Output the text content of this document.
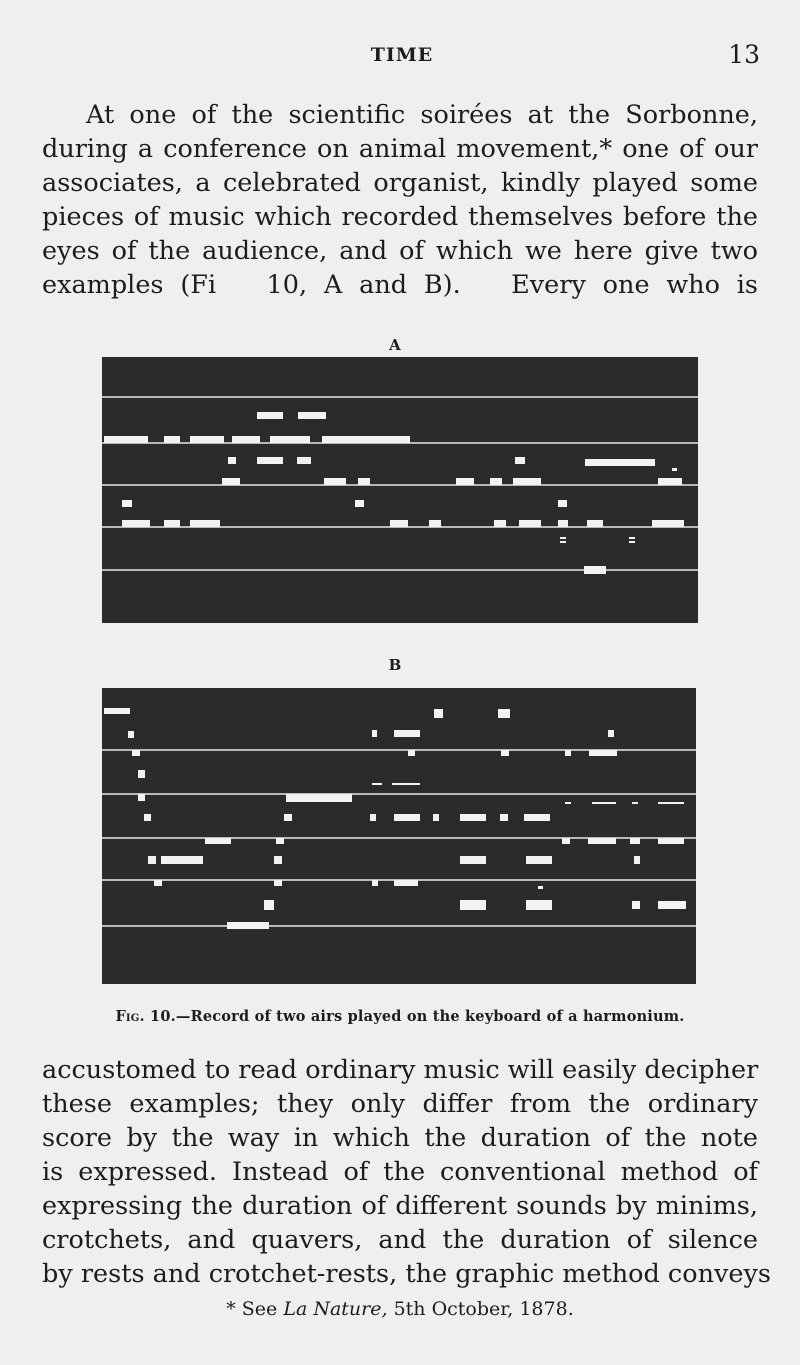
TIME	13
At one of the scientific soirées at the Sorbonne,
during a conference on animal movement,* one of our
associates, a celebrated organist, kindly played some
pieces of music which recorded themselves before the
eyes of the audience, and of which we here give two
examples (Fi   10, A and B).   Every one who is
A
B
Fig. 10.—Record of two airs played on the keyboard of a harmonium.
accustomed to read ordinary music will easily decipher
these examples; they only differ from the ordinary
score by the way in which the duration of the note
is expressed. Instead of the conventional method of
expressing the duration of different sounds by minims,
crotchets, and quavers, and the duration of silence
by rests and crotchet-rests, the graphic method conveys
* See La Nature, 5th October, 1878.
